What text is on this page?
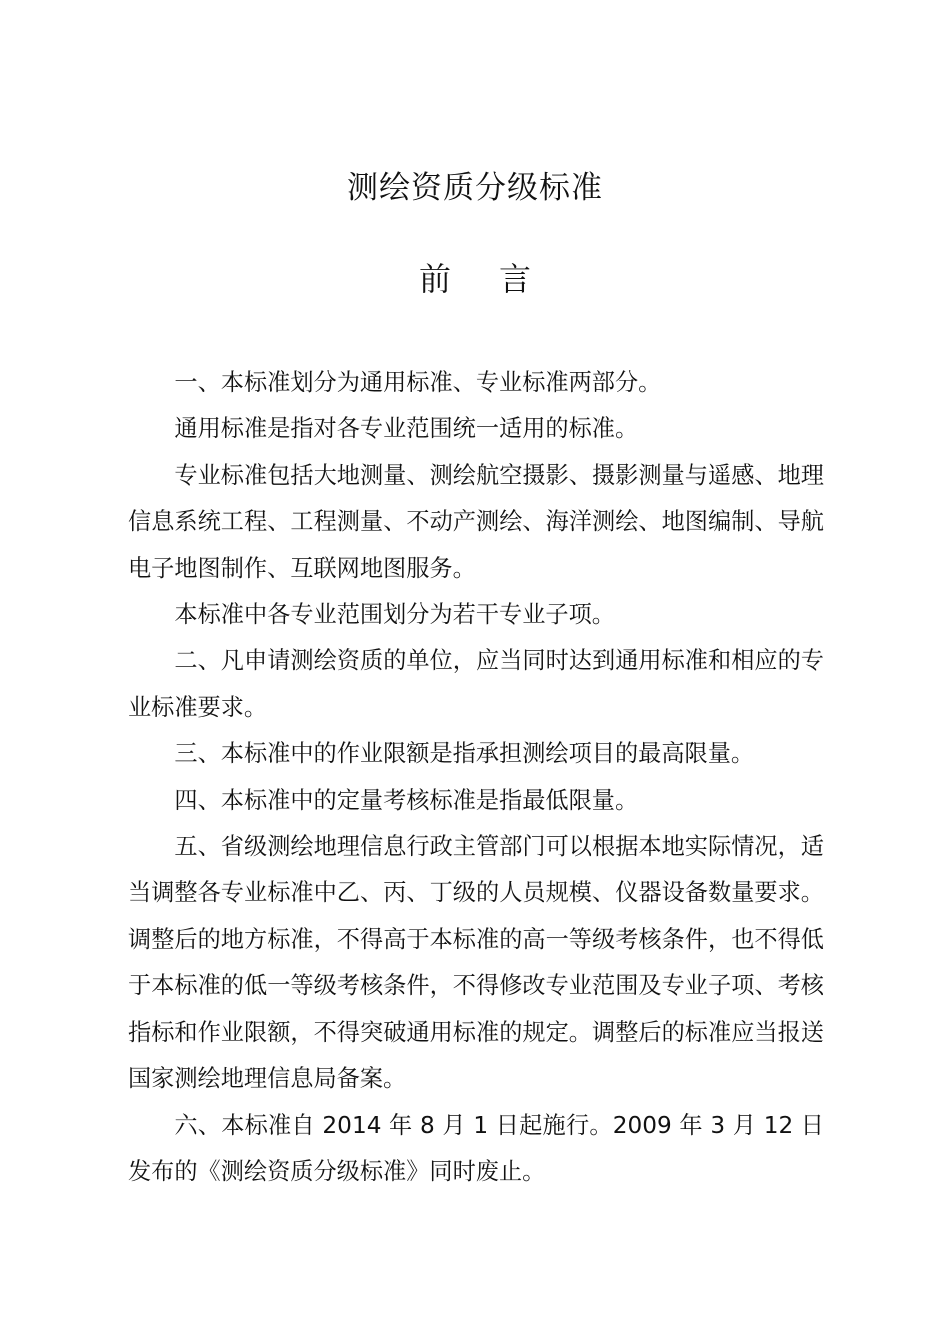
测绘资质分级标准
前 言

一、本标准划分为通用标准、专业标准两部分。

通用标准是指对各专业范围统一适用的标准。

专业标准包括大地测量、测绘航空摄影、摄影测量与遥感、地理信息系统工程、工程测量、不动产测绘、海洋测绘、地图编制、导航电子地图制作、互联网地图服务。

本标准中各专业范围划分为若干专业子项。

二、凡申请测绘资质的单位，应当同时达到通用标准和相应的专业标准要求。

三、本标准中的作业限额是指承担测绘项目的最高限量。

四、本标准中的定量考核标准是指最低限量。

五、省级测绘地理信息行政主管部门可以根据本地实际情况，适当调整各专业标准中乙、丙、丁级的人员规模、仪器设备数量要求。调整后的地方标准，不得高于本标准的高一等级考核条件，也不得低于本标准的低一等级考核条件，不得修改专业范围及专业子项、考核指标和作业限额，不得突破通用标准的规定。调整后的标准应当报送国家测绘地理信息局备案。

六、本标准自 2014 年 8 月 1 日起施行。2009 年 3 月 12 日发布的《测绘资质分级标准》同时废止。
